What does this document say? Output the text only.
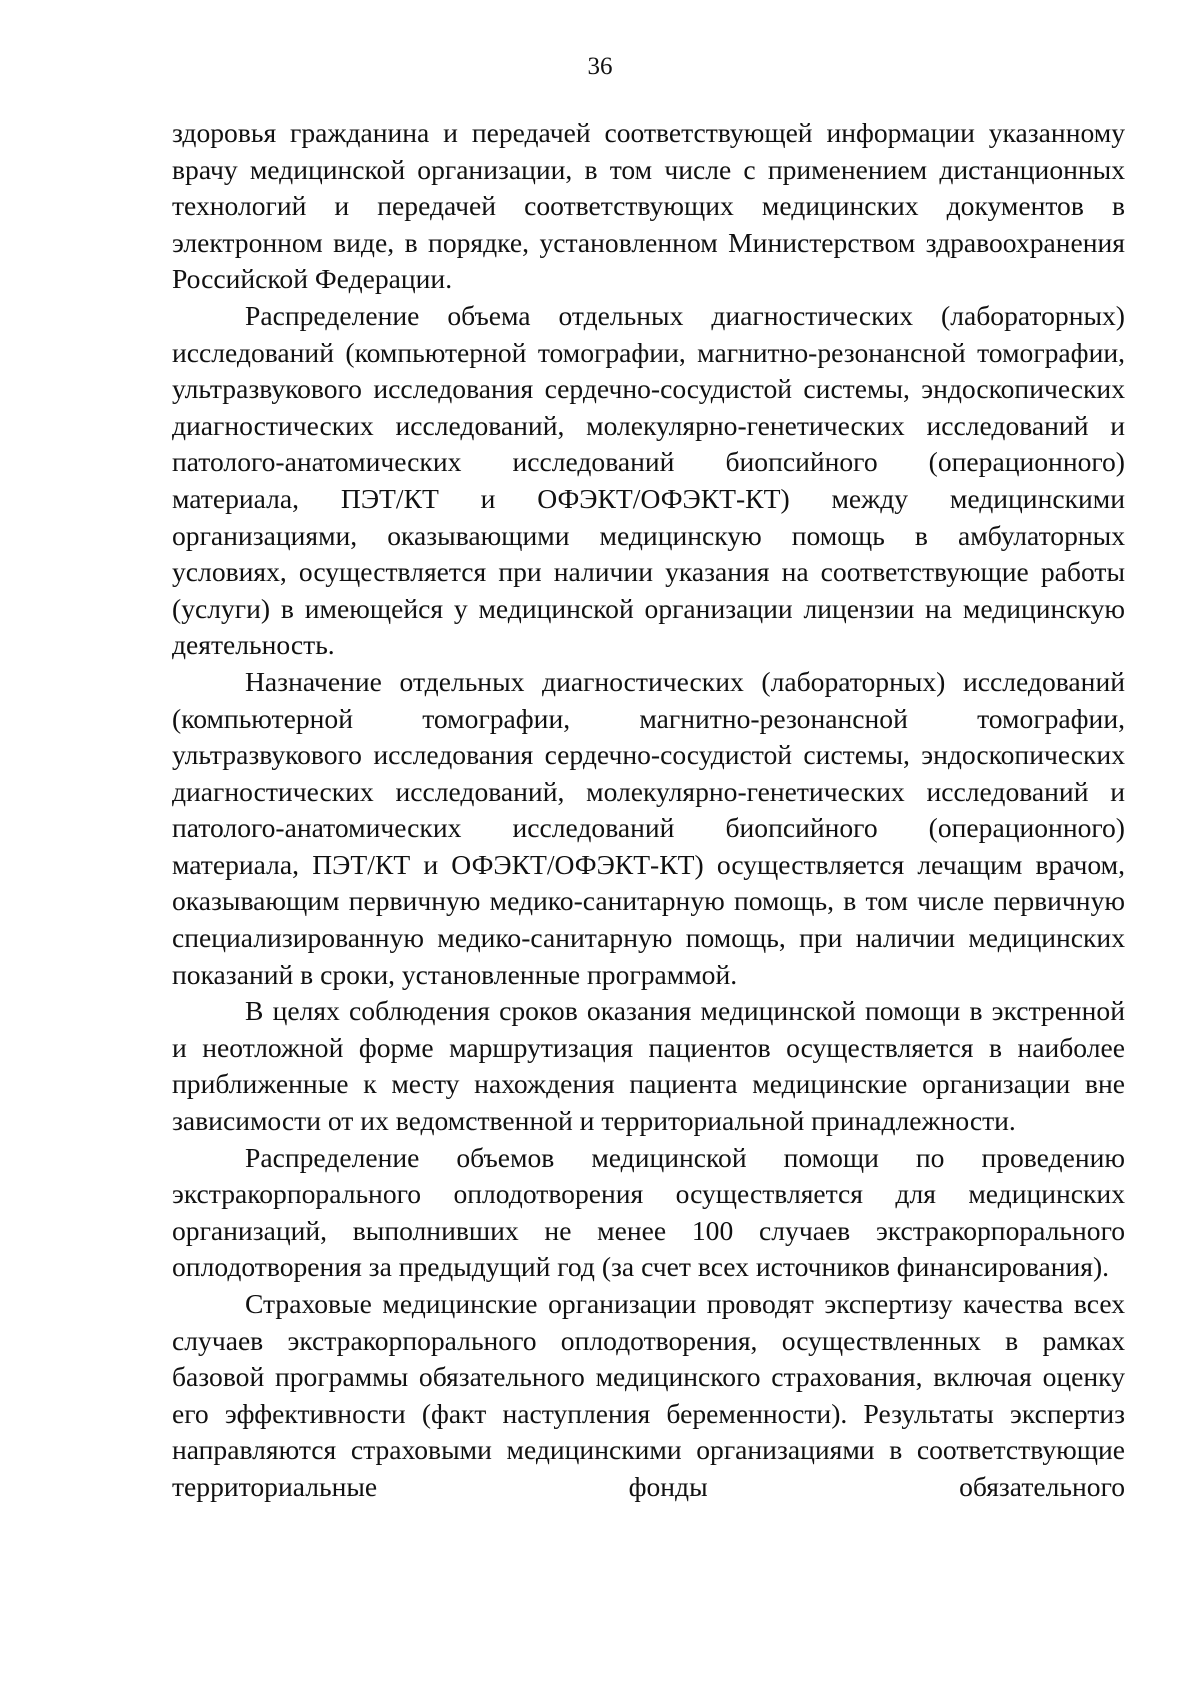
36

здоровья гражданина и передачей соответствующей информации указанному врачу медицинской организации, в том числе с применением дистанционных технологий и передачей соответствующих медицинских документов в электронном виде, в порядке, установленном Министерством здравоохранения Российской Федерации.

Распределение объема отдельных диагностических (лабораторных) исследований (компьютерной томографии, магнитно-резонансной томографии, ультразвукового исследования сердечно-сосудистой системы, эндоскопических диагностических исследований, молекулярно-генетических исследований и патолого-анатомических исследований биопсийного (операционного) материала, ПЭТ/КТ и ОФЭКТ/ОФЭКТ-КТ) между медицинскими организациями, оказывающими медицинскую помощь в амбулаторных условиях, осуществляется при наличии указания на соответствующие работы (услуги) в имеющейся у медицинской организации лицензии на медицинскую деятельность.

Назначение отдельных диагностических (лабораторных) исследований (компьютерной томографии, магнитно-резонансной томографии, ультразвукового исследования сердечно-сосудистой системы, эндоскопических диагностических исследований, молекулярно-генетических исследований и патолого-анатомических исследований биопсийного (операционного) материала, ПЭТ/КТ и ОФЭКТ/ОФЭКТ-КТ) осуществляется лечащим врачом, оказывающим первичную медико-санитарную помощь, в том числе первичную специализированную медико-санитарную помощь, при наличии медицинских показаний в сроки, установленные программой.

В целях соблюдения сроков оказания медицинской помощи в экстренной и неотложной форме маршрутизация пациентов осуществляется в наиболее приближенные к месту нахождения пациента медицинские организации вне зависимости от их ведомственной и территориальной принадлежности.

Распределение объемов медицинской помощи по проведению экстракорпорального оплодотворения осуществляется для медицинских организаций, выполнивших не менее 100 случаев экстракорпорального оплодотворения за предыдущий год (за счет всех источников финансирования).

Страховые медицинские организации проводят экспертизу качества всех случаев экстракорпорального оплодотворения, осуществленных в рамках базовой программы обязательного медицинского страхования, включая оценку его эффективности (факт наступления беременности). Результаты экспертиз направляются страховыми медицинскими организациями в соответствующие территориальные фонды обязательного
